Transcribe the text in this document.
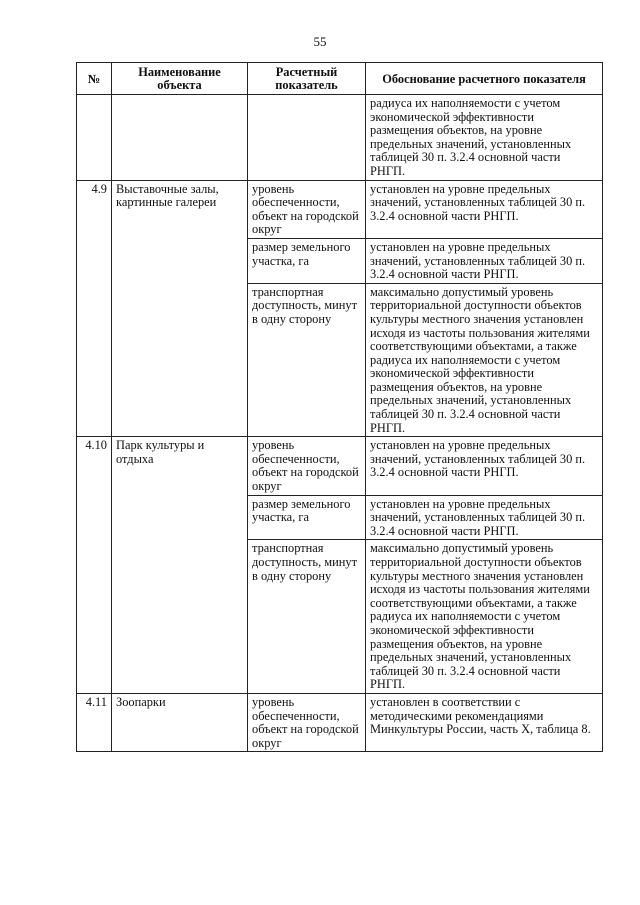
55
№	Наименование объекта	Расчетный показатель	Обоснование расчетного показателя
			радиуса их наполняемости с учетом экономической эффективности размещения объектов, на уровне предельных значений, установленных таблицей 30 п. 3.2.4 основной части РНГП.
4.9	Выставочные залы, картинные галереи	уровень обеспеченности, объект на городской округ	установлен на уровне предельных значений, установленных таблицей 30 п. 3.2.4 основной части РНГП.
		размер земельного участка, га	установлен на уровне предельных значений, установленных таблицей 30 п. 3.2.4 основной части РНГП.
		транспортная доступность, минут в одну сторону	максимально допустимый уровень территориальной доступности объектов культуры местного значения установлен исходя из частоты пользования жителями соответствующими объектами, а также радиуса их наполняемости с учетом экономической эффективности размещения объектов, на уровне предельных значений, установленных таблицей 30 п. 3.2.4 основной части РНГП.
4.10	Парк культуры и отдыха	уровень обеспеченности, объект на городской округ	установлен на уровне предельных значений, установленных таблицей 30 п. 3.2.4 основной части РНГП.
		размер земельного участка, га	установлен на уровне предельных значений, установленных таблицей 30 п. 3.2.4 основной части РНГП.
		транспортная доступность, минут в одну сторону	максимально допустимый уровень территориальной доступности объектов культуры местного значения установлен исходя из частоты пользования жителями соответствующими объектами, а также радиуса их наполняемости с учетом экономической эффективности размещения объектов, на уровне предельных значений, установленных таблицей 30 п. 3.2.4 основной части РНГП.
4.11	Зоопарки	уровень обеспеченности, объект на городской округ	установлен в соответствии с методическими рекомендациями Минкультуры России, часть X, таблица 8.
